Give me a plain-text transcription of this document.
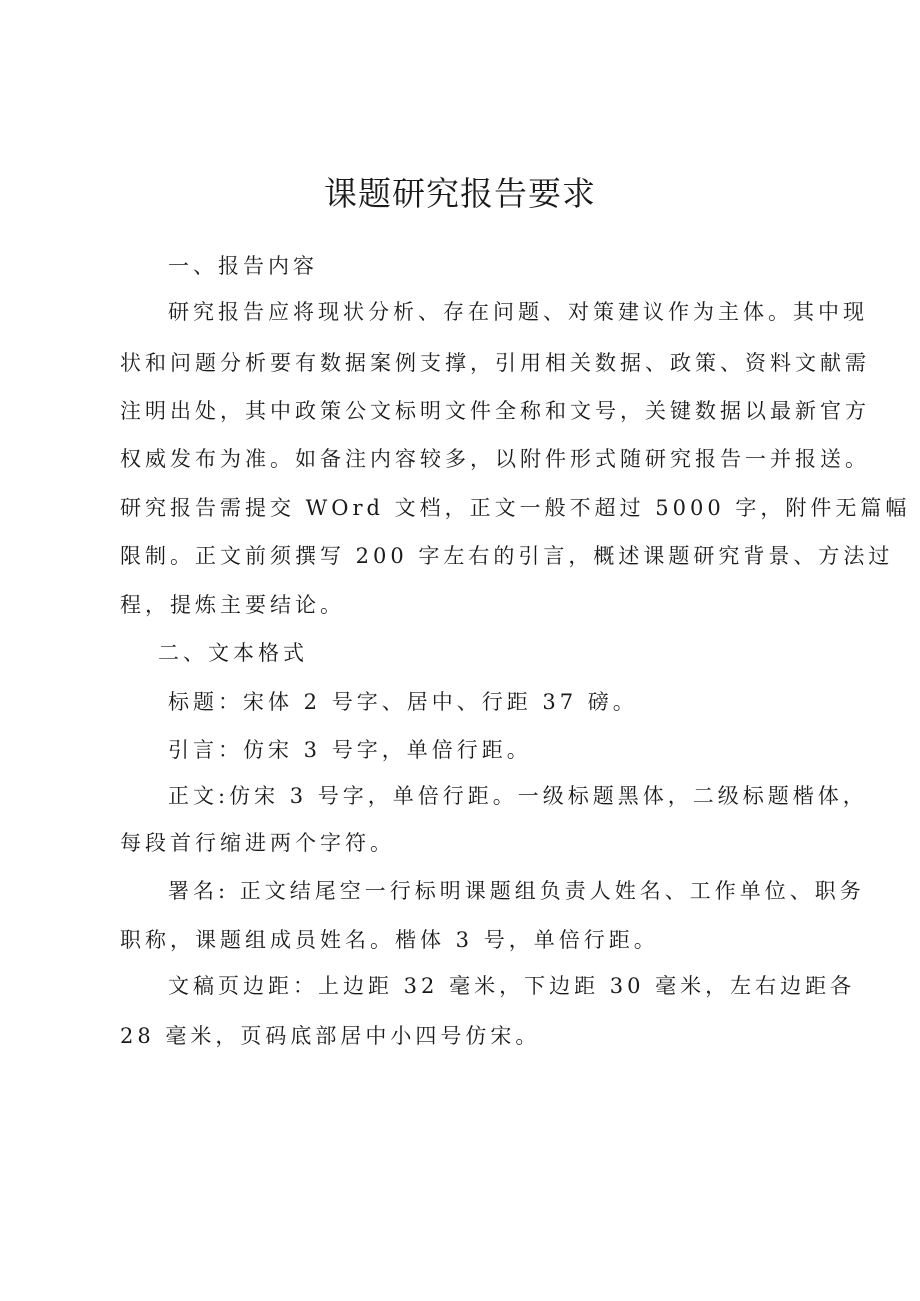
课题研究报告要求
一、报告内容
研究报告应将现状分析、存在问题、对策建议作为主体。其中现
状和问题分析要有数据案例支撑，引用相关数据、政策、资料文献需
注明出处，其中政策公文标明文件全称和文号，关键数据以最新官方
权威发布为准。如备注内容较多，以附件形式随研究报告一并报送。
研究报告需提交 WOrd 文档，正文一般不超过 5000 字，附件无篇幅
限制。正文前须撰写 200 字左右的引言，概述课题研究背景、方法过
程，提炼主要结论。
二、文本格式
标题：宋体 2 号字、居中、行距 37 磅。
引言：仿宋 3 号字，单倍行距。
正文:仿宋 3 号字，单倍行距。一级标题黑体，二级标题楷体，
每段首行缩进两个字符。
署名: 正文结尾空一行标明课题组负责人姓名、工作单位、职务
职称，课题组成员姓名。楷体 3 号，单倍行距。
文稿页边距：上边距 32 毫米，下边距 30 毫米，左右边距各
28 毫米，页码底部居中小四号仿宋。
